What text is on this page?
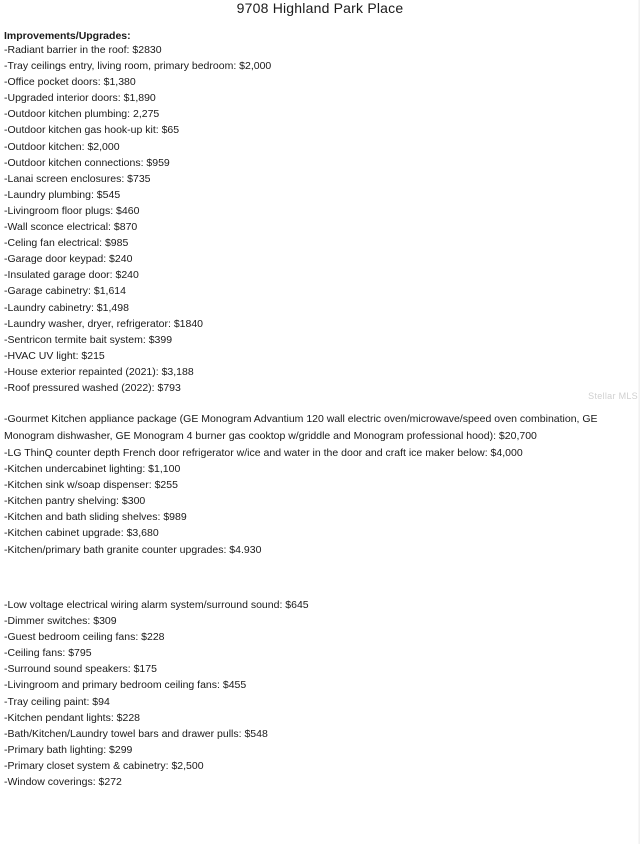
9708 Highland Park Place
Improvements/Upgrades:
-Radiant barrier in the roof: $2830
-Tray ceilings entry, living room, primary bedroom: $2,000
-Office pocket doors: $1,380
-Upgraded interior doors: $1,890
-Outdoor kitchen plumbing: 2,275
-Outdoor kitchen gas hook-up kit: $65
-Outdoor kitchen: $2,000
-Outdoor kitchen connections: $959
-Lanai screen enclosures: $735
-Laundry plumbing: $545
-Livingroom floor plugs: $460
-Wall sconce electrical: $870
-Celing fan electrical: $985
-Garage door keypad: $240
-Insulated garage door: $240
-Garage cabinetry: $1,614
-Laundry cabinetry: $1,498
-Laundry washer, dryer, refrigerator: $1840
-Sentricon termite bait system: $399
-HVAC UV light: $215
-House exterior repainted (2021): $3,188
-Roof pressured washed (2022): $793
-Gourmet Kitchen appliance package (GE Monogram Advantium 120 wall electric oven/microwave/speed oven combination, GE Monogram dishwasher, GE Monogram 4 burner gas cooktop w/griddle and Monogram professional hood): $20,700
-LG ThinQ counter depth French door refrigerator w/ice and water in the door and craft ice maker below: $4,000
-Kitchen undercabinet lighting: $1,100
-Kitchen sink w/soap dispenser: $255
-Kitchen pantry shelving: $300
-Kitchen and bath sliding shelves: $989
-Kitchen cabinet upgrade: $3,680
-Kitchen/primary bath granite counter upgrades: $4.930
-Low voltage electrical wiring alarm system/surround sound: $645
-Dimmer switches: $309
-Guest bedroom ceiling fans: $228
-Ceiling fans: $795
-Surround sound speakers: $175
-Livingroom and primary bedroom ceiling fans: $455
-Tray ceiling paint: $94
-Kitchen pendant lights: $228
-Bath/Kitchen/Laundry towel bars and drawer pulls: $548
-Primary bath lighting: $299
-Primary closet system & cabinetry: $2,500
-Window coverings: $272
Stellar MLS
